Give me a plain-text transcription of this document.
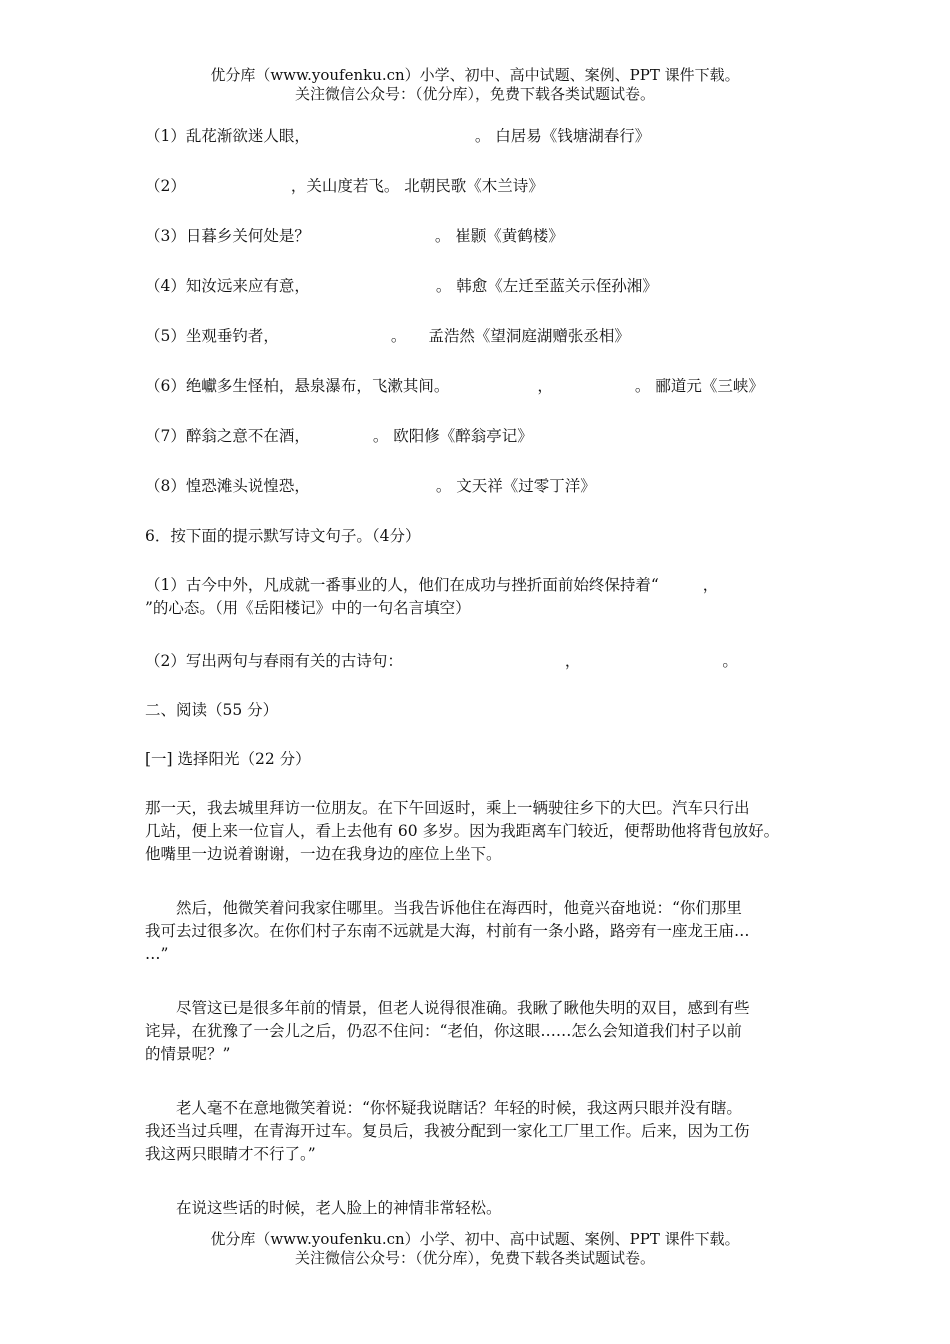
优分库（www.youfenku.cn）小学、初中、高中试题、案例、PPT 课件下载。
关注微信公众号：（优分库），免费下载各类试题试卷。
（1）乱花渐欲迷人眼，	。 白居易《钱塘湖春行》
（2）	，关山度若飞。 北朝民歌《木兰诗》
（3）日暮乡关何处是？	。 崔颢《黄鹤楼》
（4）知汝远来应有意，	。 韩愈《左迁至蓝关示侄孙湘》
（5）坐观垂钓者，	。 孟浩然《望洞庭湖赠张丞相》
（6）绝巘多生怪柏，悬泉瀑布，飞漱其间。	，	。 郦道元《三峡》
（7）醉翁之意不在酒，	。 欧阳修《醉翁亭记》
（8）惶恐滩头说惶恐，	。 文天祥《过零丁洋》
6．按下面的提示默写诗文句子。（4分）
（1）古今中外，凡成就一番事业的人，他们在成功与挫折面前始终保持着“	，
”的心态。（用《岳阳楼记》中的一句名言填空）
（2）写出两句与春雨有关的古诗句：	，	。
二、阅读（55 分）
[一] 选择阳光（22 分）
那一天，我去城里拜访一位朋友。在下午回返时，乘上一辆驶往乡下的大巴。汽车只行出
几站，便上来一位盲人，看上去他有 60 多岁。因为我距离车门较近，便帮助他将背包放好。
他嘴里一边说着谢谢，一边在我身边的座位上坐下。
　　然后，他微笑着问我家住哪里。当我告诉他住在海西时，他竟兴奋地说：“你们那里
我可去过很多次。在你们村子东南不远就是大海，村前有一条小路，路旁有一座龙王庙…
…”
　　尽管这已是很多年前的情景，但老人说得很准确。我瞅了瞅他失明的双目，感到有些
诧异，在犹豫了一会儿之后，仍忍不住问：“老伯，你这眼……怎么会知道我们村子以前
的情景呢？”
　　老人毫不在意地微笑着说：“你怀疑我说瞎话？年轻的时候，我这两只眼并没有瞎。
我还当过兵哩，在青海开过车。复员后，我被分配到一家化工厂里工作。后来，因为工伤
我这两只眼睛才不行了。”
　　在说这些话的时候，老人脸上的神情非常轻松。
优分库（www.youfenku.cn）小学、初中、高中试题、案例、PPT 课件下载。
关注微信公众号：（优分库），免费下载各类试题试卷。
